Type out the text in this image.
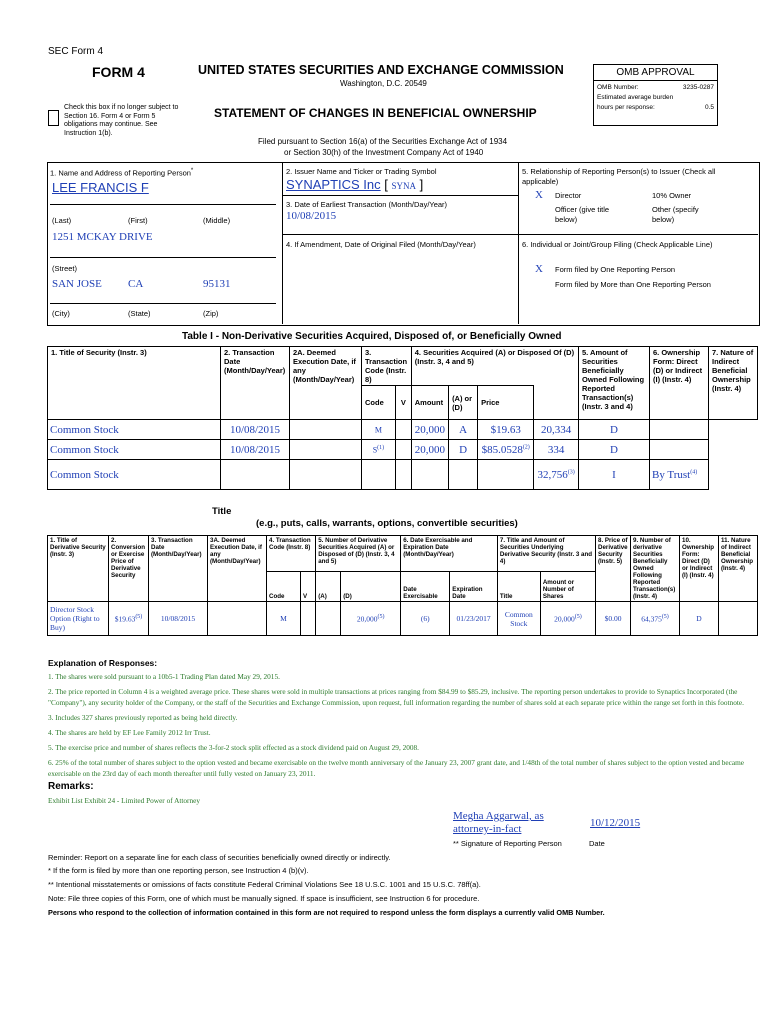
SEC Form 4
FORM 4	UNITED STATES SECURITIES AND EXCHANGE COMMISSION
Washington, D.C. 20549
STATEMENT OF CHANGES IN BENEFICIAL OWNERSHIP
Filed pursuant to Section 16(a) of the Securities Exchange Act of 1934
or Section 30(h) of the Investment Company Act of 1940
Check this box if no longer subject to Section 16. Form 4 or Form 5 obligations may continue. See Instruction 1(b).
OMB APPROVAL
OMB Number:	3235-0287
Estimated average burden
hours per response:	0.5
1. Name and Address of Reporting Person*
LEE FRANCIS F
(Last)	(First)	(Middle)
1251 MCKAY DRIVE
(Street)
SAN JOSE CA	95131
(City)	(State)	(Zip)
2. Issuer Name and Ticker or Trading Symbol
SYNAPTICS Inc [ SYNA ]
3. Date of Earliest Transaction (Month/Day/Year)
10/08/2015
4. If Amendment, Date of Original Filed (Month/Day/Year)
5. Relationship of Reporting Person(s) to Issuer (Check all applicable)
X Director	10% Owner
Officer (give title below)
Other (specify below)
6. Individual or Joint/Group Filing (Check Applicable Line)
X Form filed by One Reporting Person
Form filed by More than One Reporting Person
Table I - Non-Derivative Securities Acquired, Disposed of, or Beneficially Owned
1. Title of Security (Instr. 3)	2. Transaction Date (Month/Day/Year)	2A. Deemed Execution Date, if any (Month/Day/Year)	3. Transaction Code (Instr. 8)		4. Securities Acquired (A) or Disposed Of (D) (Instr. 3, 4 and 5)				5. Amount of Securities Beneficially Owned Following Reported Transaction(s) (Instr. 3 and 4)	6. Ownership Form: Direct (D) or Indirect (I) (Instr. 4)	7. Nature of Indirect Beneficial Ownership (Instr. 4)
			Code	V	Amount	(A) or (D)	Price				
Common Stock	10/08/2015		M		20,000	A	$19.63	20,334	D		
Common Stock	10/08/2015		$S^{(1)}$		20,000	D	$85.0528$^{(2)}$	334	D		
Common Stock								32,756$^{(3)}$	I	By Trust$^{(4)}$
Title
(e.g., puts, calls, warrants, options, convertible securities)
1. Title of Derivative Security (Instr. 3)	2. Conversion or Exercise Price of Derivative Security	3. Transaction Date (Month/Day/Year)	3A. Deemed Execution Date, if any (Month/Day/Year)	4. Transaction Code (Instr. 8)		5. Number of Derivative Securities Acquired (A) or Disposed of (D) (Instr. 3, 4 and 5)		6. Date Exercisable and Expiration Date (Month/Day/Year)		7. Title and Amount of Securities Underlying Derivative Security (Instr. 3 and 4)		8. Price of Derivative Security (Instr. 5)	9. Number of derivative Securities Beneficially Owned Following Reported Transaction(s) (Instr. 4)	10. Ownership Form: Direct (D) or Indirect (I) (Instr. 4)	11. Nature of Indirect Beneficial Ownership (Instr. 4)
				Code	V	(A)	(D)	Date Exercisable	Expiration Date	Title	Amount or Number of Shares				
Director Stock Option (Right to Buy)	$19.63$^{(5)}$	10/08/2015		M			20,000$^{(5)}$	(6)	01/23/2017	Common Stock	20,000$^{(5)}$	$0.00	64,375$^{(5)}$	D	
Explanation of Responses:
1. The shares were sold pursuant to a 10b5-1 Trading Plan dated May 29, 2015.
2. The price reported in Column 4 is a weighted average price. These shares were sold in multiple transactions at prices ranging from $84.99 to $85.29, inclusive. The reporting person undertakes to provide to Synaptics Incorporated (the "Company"), any security holder of the Company, or the staff of the Securities and Exchange Commission, upon request, full information regarding the number of shares sold at each separate price within the range set forth in this footnote.
3. Includes 327 shares previously reported as being held directly.
4. The shares are held by EF Lee Family 2012 Irr Trust.
5. The exercise price and number of shares reflects the 3-for-2 stock split effected as a stock dividend paid on August 29, 2008.
6. 25% of the total number of shares subject to the option vested and became exercisable on the twelve month anniversary of the January 23, 2007 grant date, and 1/48th of the total number of shares subject to the option vested and became exercisable on the 23rd day of each month thereafter until fully vested on January 23, 2011.
Remarks:
Exhibit List Exhibit 24 - Limited Power of Attorney
Megha Aggarwal, as attorney-in-fact	10/12/2015
** Signature of Reporting Person	Date
Reminder: Report on a separate line for each class of securities beneficially owned directly or indirectly.
* If the form is filed by more than one reporting person, see Instruction 4 (b)(v).
** Intentional misstatements or omissions of facts constitute Federal Criminal Violations See 18 U.S.C. 1001 and 15 U.S.C. 78ff(a).
Note: File three copies of this Form, one of which must be manually signed. If space is insufficient, see Instruction 6 for procedure.
Persons who respond to the collection of information contained in this form are not required to respond unless the form displays a currently valid OMB Number.
